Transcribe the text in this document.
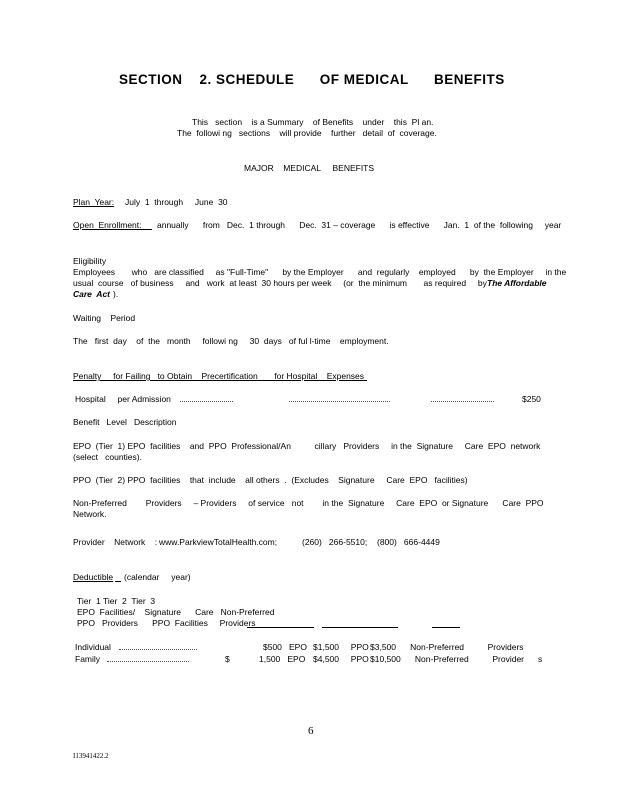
SECTION    2. SCHEDULE      OF MEDICAL      BENEFITS
This   section    is a Summary    of Benefits    under    this  Pl an.
The  followi ng   sections    will provide    further   detail  of  coverage.
MAJOR    MEDICAL     BENEFITS
Plan  Year: July  1  through     June  30
Open  Enrollment: annually      from   Dec.  1 through      Dec.  31 – coverage      is effective      Jan.  1  of the  following     year
Eligibility
Employees       who   are classified     as "Full-Time"      by the Employer      and  regularly    employed      by  the Employer     in the
usual  course   of business     and   work  at least  30 hours per week     (or  the minimum       as required     by The Affordable
Care  Act ).
Waiting    Period
The   first  day    of  the   month     followi ng     30  days   of ful l-time    employment.
Penalty     for Failing   to Obtain    Precertification       for Hospital    Expenses
Hospital     per Admission	$250
Benefit   Level   Description
EPO  (Tier  1) EPO  facilities    and  PPO  Professional/An          cillary   Providers     in the  Signature     Care  EPO  network
(select   counties).
PPO  (Tier  2) PPO  facilities    that  include    all others  .  (Excludes    Signature     Care  EPO   facilities)
Non-Preferred        Providers     – Providers     of service   not        in the  Signature     Care  EPO  or Signature      Care  PPO
Network.
Provider    Network    : www.ParkviewTotalHealth.com;	(260)   266-5510; (800)   666-4449
Deductible (calendar     year)
Tier  1 Tier  2  Tier  3
EPO  Facilities/    Signature      Care   Non-Preferred
PPO   Providers      PPO  Facilities     Providers
Individual	$500   EPO $1,500     PPO $3,500      Non-Preferred          Providers
Family	$	1,500   EPO $4,500     PPO $10,500      Non-Preferred          Provider s
6
I13941422.2
